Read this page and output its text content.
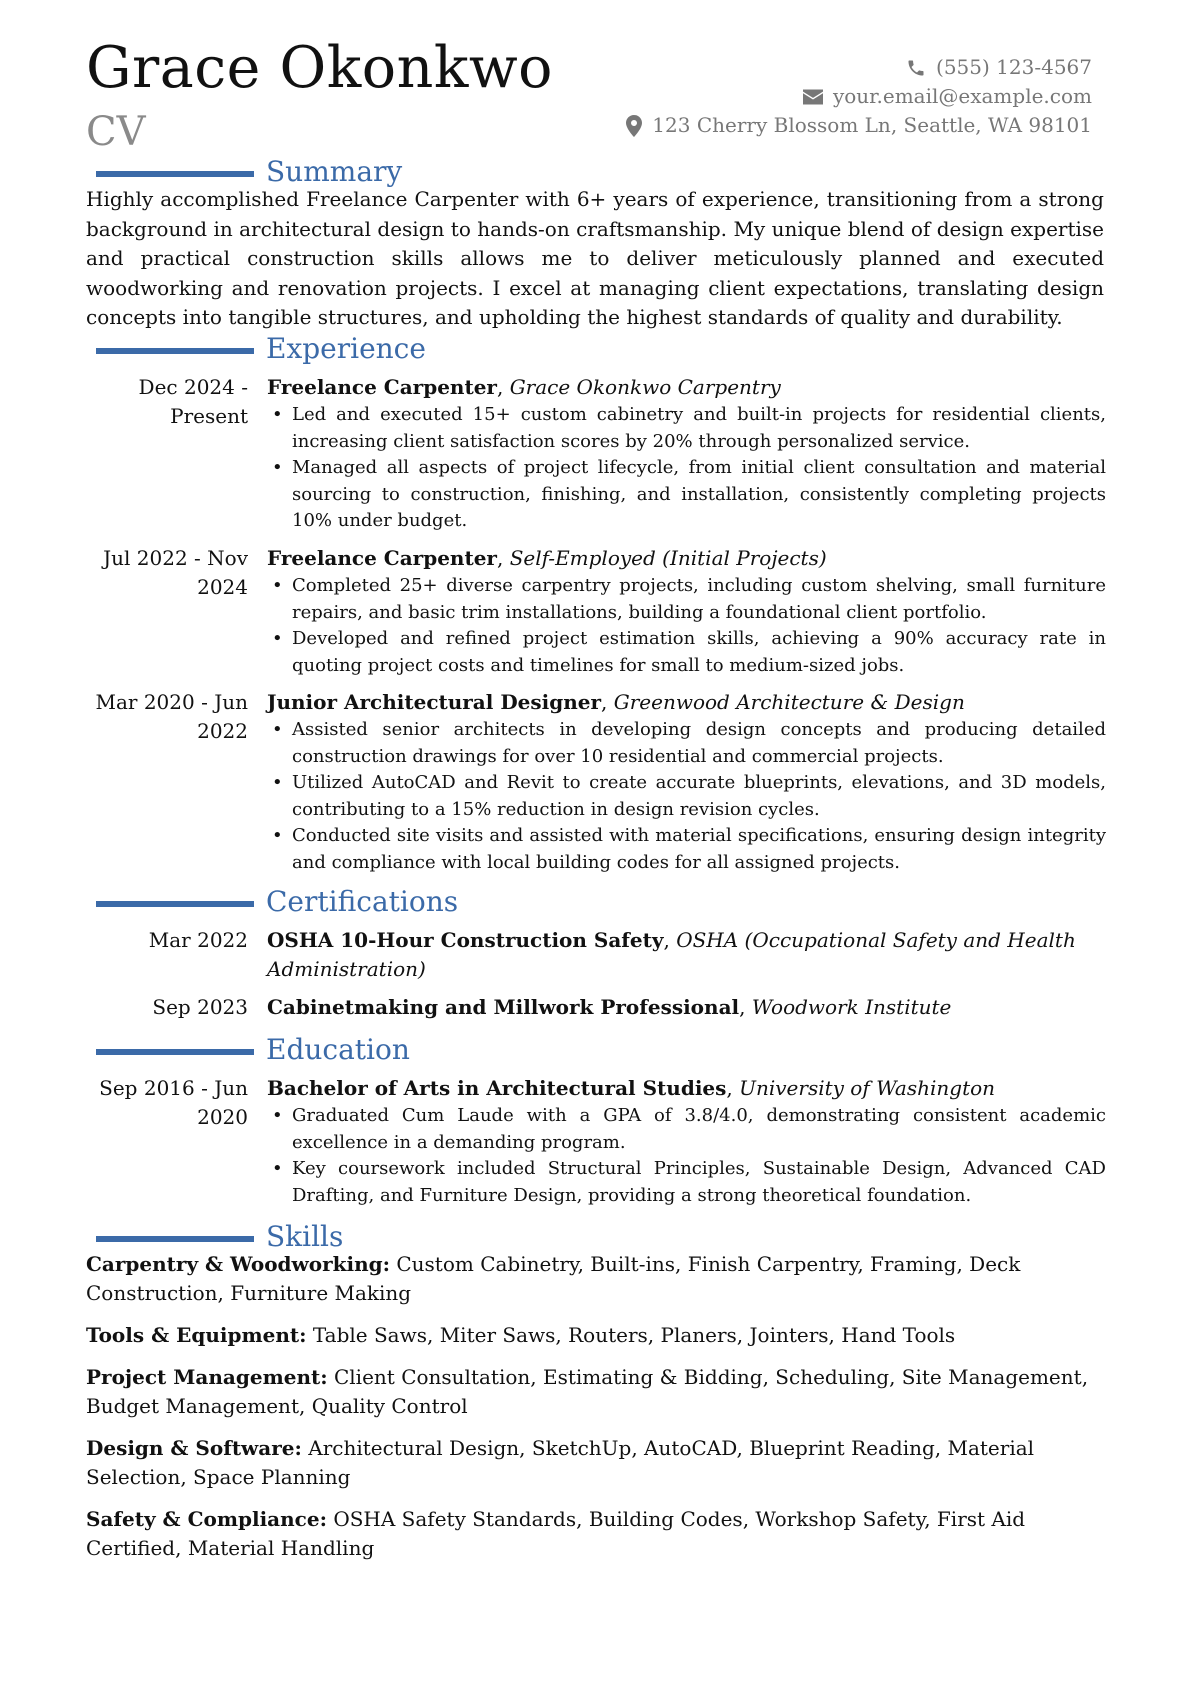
Grace Okonkwo
CV
(555) 123-4567
your.email@example.com
123 Cherry Blossom Ln, Seattle, WA 98101
Summary
Highly accomplished Freelance Carpenter with 6+ years of experience, transitioning from a strong background in architectural design to hands-on craftsmanship. My unique blend of design expertise and practical construction skills allows me to deliver meticulously planned and executed woodworking and renovation projects. I excel at managing client expectations, translating design concepts into tangible structures, and upholding the highest standards of quality and durability.
Experience
Dec 2024 - Present
Freelance Carpenter, Grace Okonkwo Carpentry
• Led and executed 15+ custom cabinetry and built-in projects for residential clients, increasing client satisfaction scores by 20% through personalized service.
• Managed all aspects of project lifecycle, from initial client consultation and material sourcing to construction, finishing, and installation, consistently completing projects 10% under budget.
Jul 2022 - Nov 2024
Freelance Carpenter, Self-Employed (Initial Projects)
• Completed 25+ diverse carpentry projects, including custom shelving, small furniture repairs, and basic trim installations, building a foundational client portfolio.
• Developed and refined project estimation skills, achieving a 90% accuracy rate in quoting project costs and timelines for small to medium-sized jobs.
Mar 2020 - Jun 2022
Junior Architectural Designer, Greenwood Architecture & Design
• Assisted senior architects in developing design concepts and producing detailed construction drawings for over 10 residential and commercial projects.
• Utilized AutoCAD and Revit to create accurate blueprints, elevations, and 3D models, contributing to a 15% reduction in design revision cycles.
• Conducted site visits and assisted with material specifications, ensuring design integrity and compliance with local building codes for all assigned projects.
Certifications
Mar 2022 OSHA 10-Hour Construction Safety, OSHA (Occupational Safety and Health Administration)
Sep 2023 Cabinetmaking and Millwork Professional, Woodwork Institute
Education
Sep 2016 - Jun 2020
Bachelor of Arts in Architectural Studies, University of Washington
• Graduated Cum Laude with a GPA of 3.8/4.0, demonstrating consistent academic excellence in a demanding program.
• Key coursework included Structural Principles, Sustainable Design, Advanced CAD Drafting, and Furniture Design, providing a strong theoretical foundation.
Skills
Carpentry & Woodworking: Custom Cabinetry, Built-ins, Finish Carpentry, Framing, Deck Construction, Furniture Making
Tools & Equipment: Table Saws, Miter Saws, Routers, Planers, Jointers, Hand Tools
Project Management: Client Consultation, Estimating & Bidding, Scheduling, Site Management, Budget Management, Quality Control
Design & Software: Architectural Design, SketchUp, AutoCAD, Blueprint Reading, Material Selection, Space Planning
Safety & Compliance: OSHA Safety Standards, Building Codes, Workshop Safety, First Aid Certified, Material Handling
